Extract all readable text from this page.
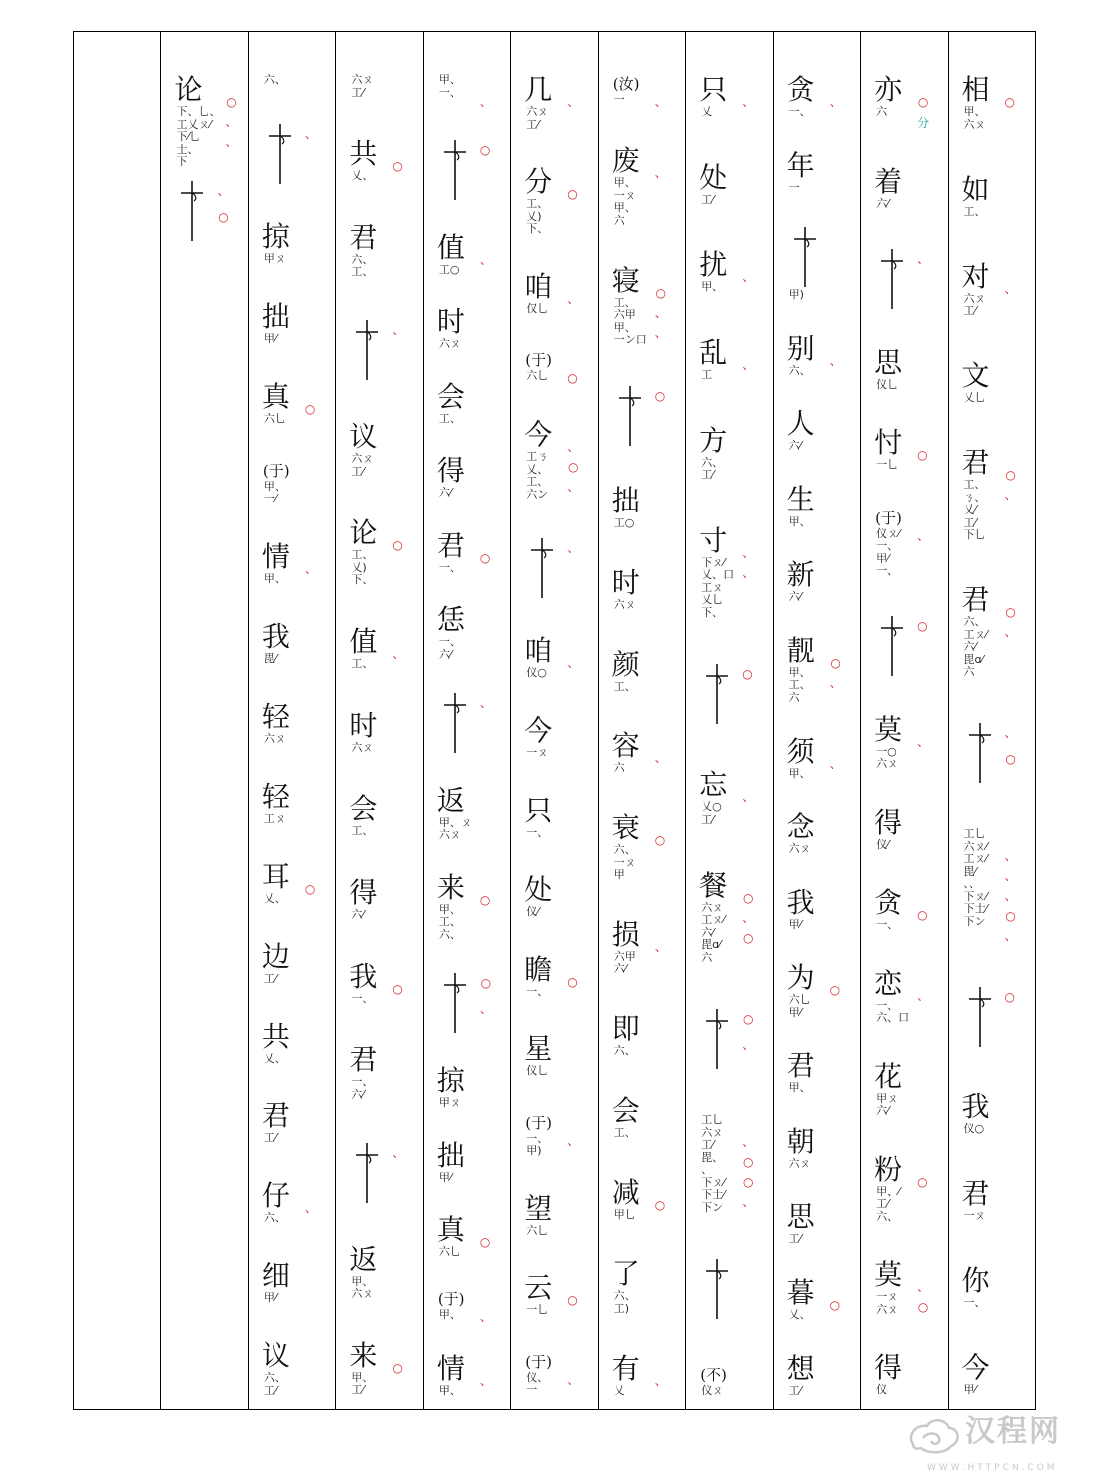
相
甲、
六ㄡ
○
如
工、
对
六ㄡ
工⁄
、
文
乂乚
君
工、
ㄋ、
乂⁄
工⁄
下乚
○
、
君
六、
工ㄡ⁄
六⁄
毘ɑ⁄
六
○
、
、
○
工乚
六ㄡ⁄
工ㄡ⁄
毘⁄
、、
下ㄡ⁄
下士⁄
下ン
、
、
、
○
、
○
我
仪○
君
一ㄡ
你
一、
今
甲⁄
亦
六
○
分
着
六⁄
、
思
仪乚
忖
一乚
○
(于)
仪ㄡ⁄
一、
甲⁄
一、
、
○
莫
一○
六ㄡ
、
得
仪⁄
贪
一、
○
恋
一、
六、口
、
花
甲ㄡ
六⁄
粉
甲、⁄
工⁄
六、
○
莫
一ㄡ
六ㄡ
、
○
得
仪
贪
一、
、
年
一
甲)
别
六、
、
人
六⁄
生
甲、
新
六⁄
靓
甲、
工、
六
○
、
须
甲、
、
念
六ㄡ
我
甲⁄
为
六乚
甲⁄
○
君
甲、
朝
六ㄡ
思
工⁄
暮
乂、
○
想
工⁄
只
乂
、
处
工⁄
扰
甲、
、
乱
工
、
方
六、
工⁄
寸
下ㄡ⁄
乂、口
工ㄡ
乂乚
下、
、
、
○
忘
乂○
工⁄
、
餐
六ㄡ
工ㄡ⁄
六⁄
毘ɑ⁄
六
○
、
○
○
、
工乚
六ㄡ
工⁄
毘、
、
下ㄡ⁄
下士⁄
下ン
、
○
○
、
(不)
仪ㄡ
(汝)
一	、
废
甲、
一ㄡ
甲、
六
、
寝
工、
六甲
甲、
一ン口
○
、
、
○
拙
工○
时
六ㄡ
颜
工、
容
六
、
衰
六、
一ㄡ
甲
○
损
六甲
六⁄
、
即
六、
会
工、
减
甲乚
○
了
六、
工)
有
乂
、
几
六ㄡ
工⁄
、
分
工、
乂)
下、
○
咱
仅乚
、
(于)
六乚 ○
今
工ㄋ
乂、
工、
六ン
、
○
、
、
咱
仪○
、
今
一ㄡ
只
一、
处
仪⁄
瞻
一、
○
星
仪乚
(于)
一、
甲)
、
望
六乚
云
一乚
○
(于)
仪、
一
、
甲、
一、
、
○
值
工○
、
时
六ㄡ
会
工、
得
六⁄
君
一、
○
恁
一、
六⁄
、
返
甲、ㄡ
六ㄡ
来
甲、
工、
六、
○
○
、
掠
甲ㄡ
拙
甲⁄
真
六乚
○
(于)
甲、 、
情
甲、
、
六ㄡ
工⁄
共
乂、
○
君
六、
工、
、
议
六ㄡ
工⁄
论
工、
乂)
下、
○
值
工、
、
时
六ㄡ
会
工、
得
六⁄
我
一、
○
君
一、
六⁄
、
返
甲、
六ㄡ
来
甲、
工⁄
○
六、
、
掠
甲ㄡ
拙
甲⁄
真
六乚
○
(于)
甲、
一⁄
情
甲、
、
我
毘⁄
轻
六ㄡ
轻
工ㄡ
耳
乂、
○
边
工⁄
共
乂、
君
工⁄
仔
六、
、
细
甲⁄
议
六、
工⁄
论
下、乚、
工乂ㄡ⁄
下⁄乚
士、
下
○
、
、
、
○
汉程网
WWW.HTTPCN.COM
